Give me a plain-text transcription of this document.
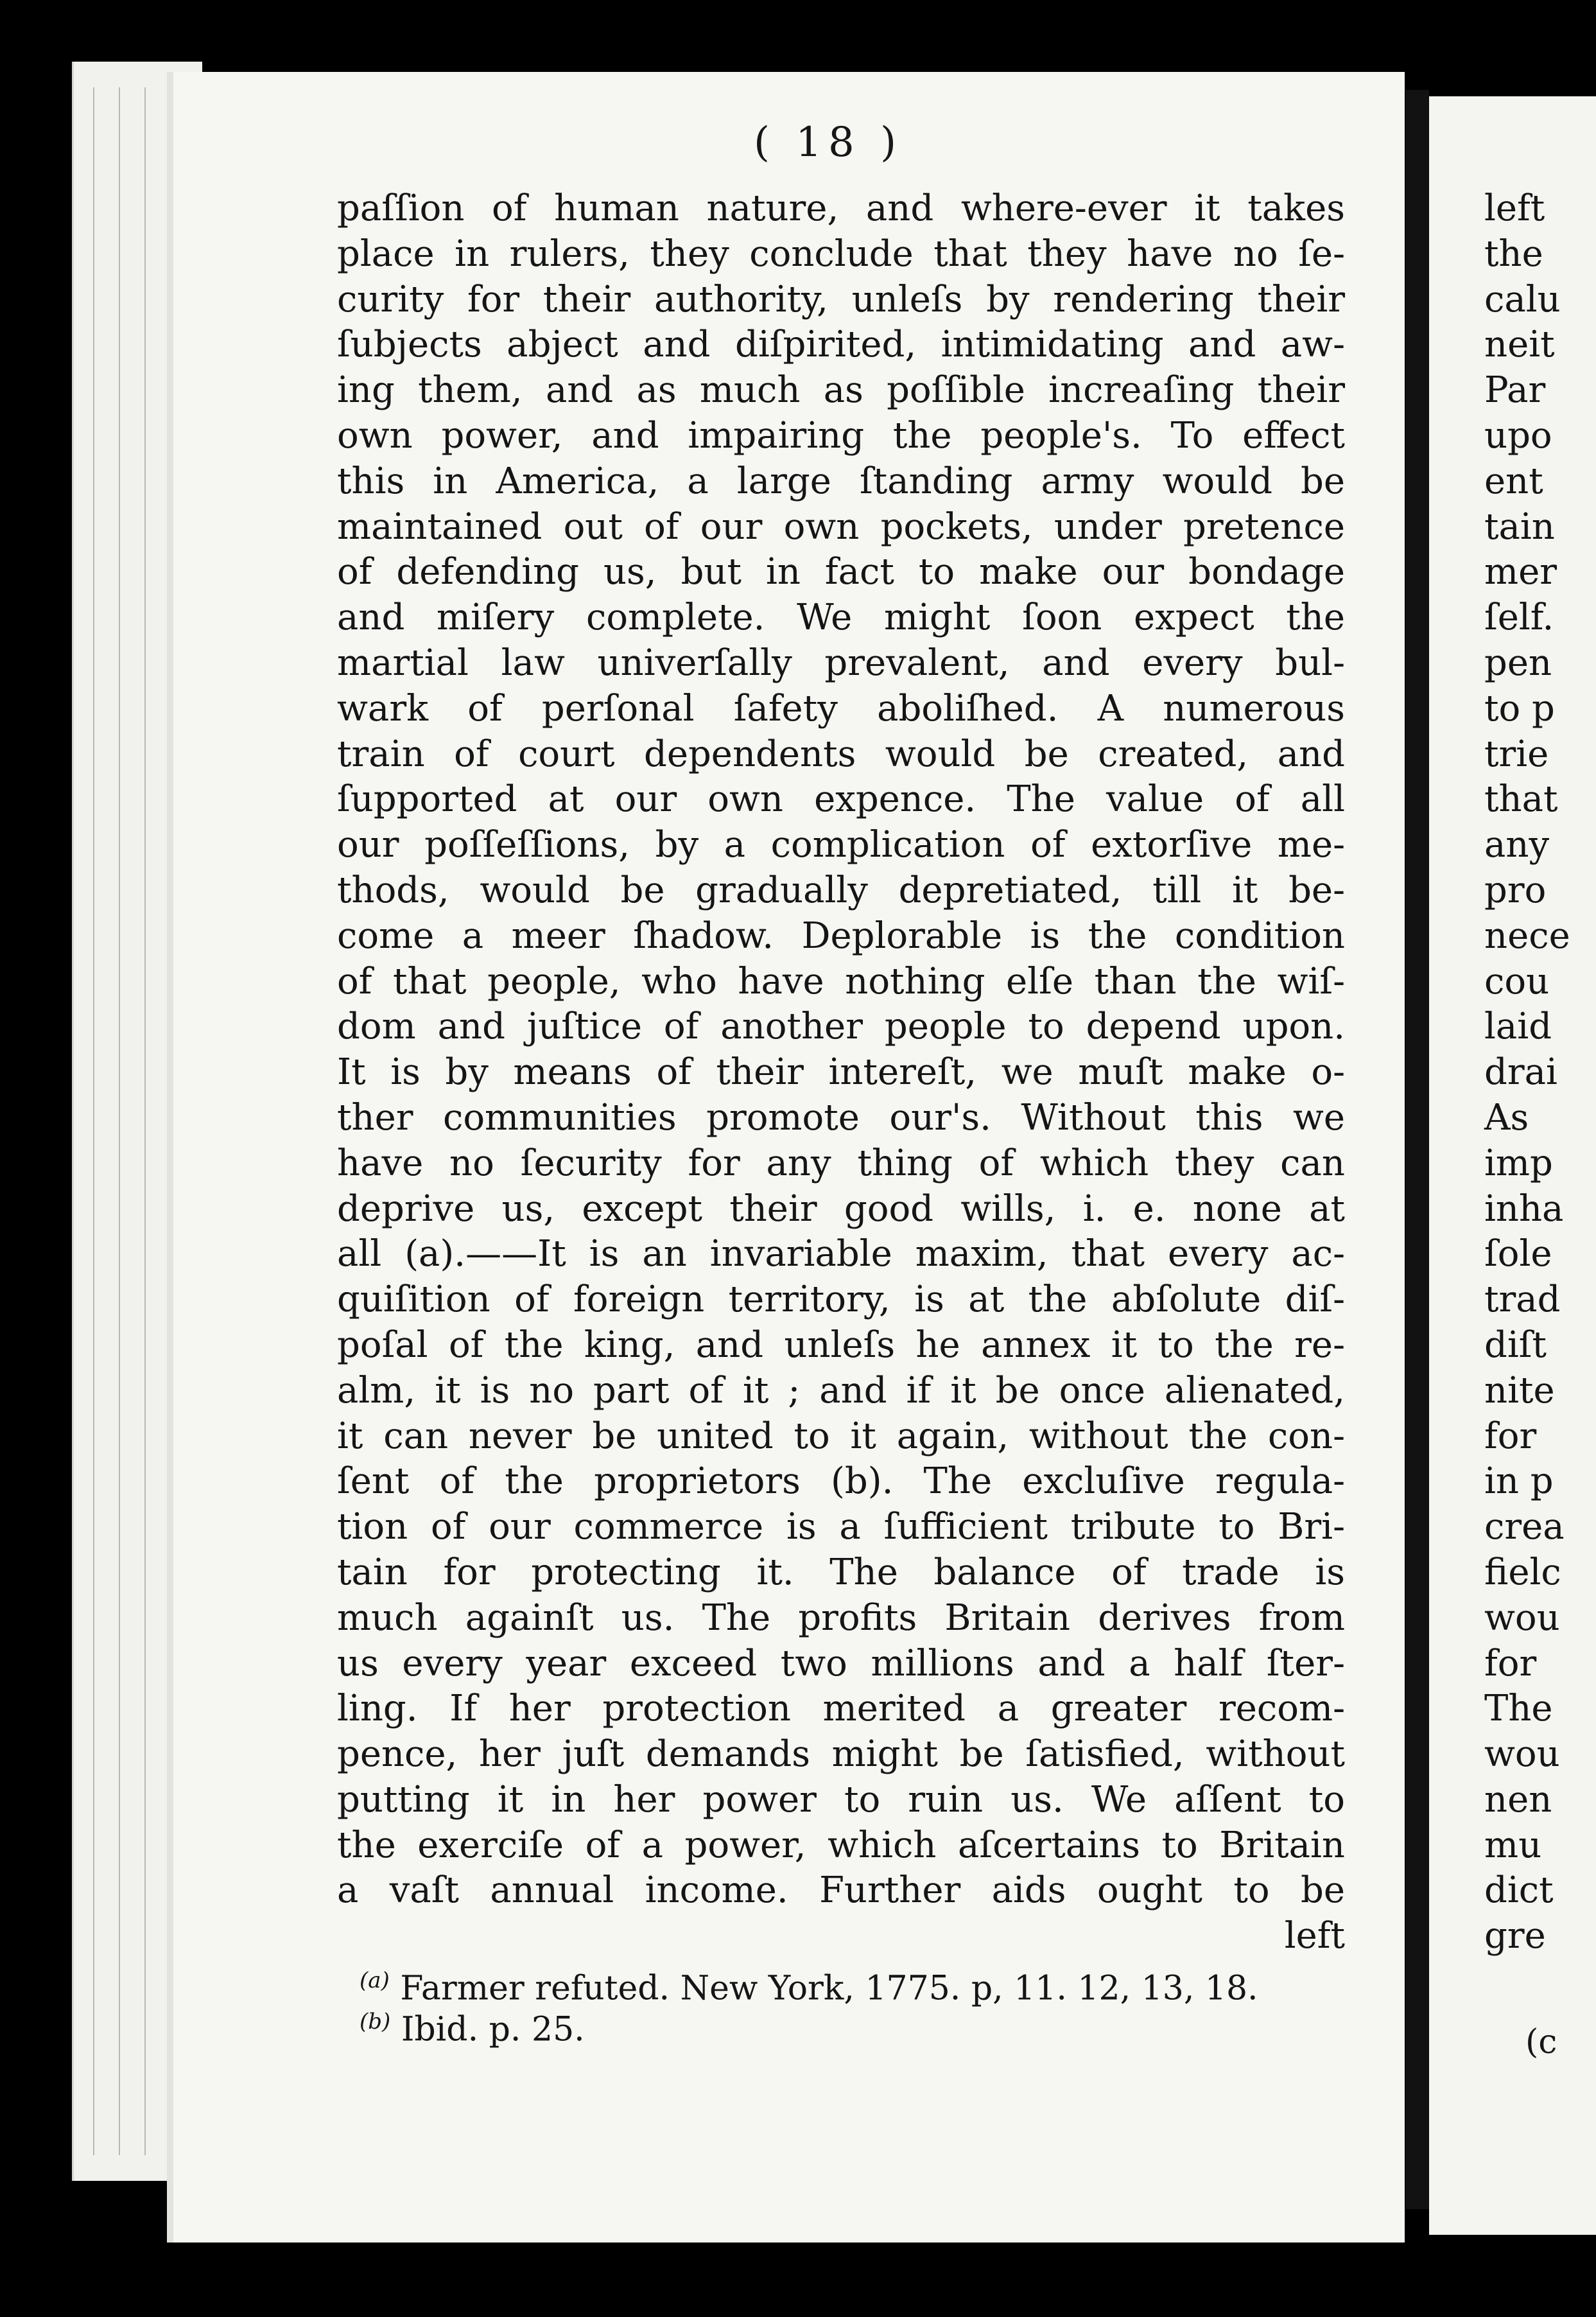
( 18 )
paſſion of human nature, and where-ever it takes
place in rulers, they conclude that they have no ſe-
curity for their authority, unleſs by rendering their
ſubjects abject and diſpirited, intimidating and aw-
ing them, and as much as poſſible increaſing their
own power, and impairing the people's. To effect
this in America, a large ſtanding army would be
maintained out of our own pockets, under pretence
of defending us, but in fact to make our bondage
and miſery complete. We might ſoon expect the
martial law univerſally prevalent, and every bul-
wark of perſonal ſafety aboliſhed. A numerous
train of court dependents would be created, and
ſupported at our own expence. The value of all
our poſſeſſions, by a complication of extorſive me-
thods, would be gradually depretiated, till it be-
come a meer ſhadow. Deplorable is the condition
of that people, who have nothing elſe than the wiſ-
dom and juſtice of another people to depend upon.
It is by means of their intereſt, we muſt make o-
ther communities promote our's. Without this we
have no ſecurity for any thing of which they can
deprive us, except their good wills, i. e. none at
all (a).——It is an invariable maxim, that every ac-
quiſition of foreign territory, is at the abſolute diſ-
poſal of the king, and unleſs he annex it to the re-
alm, it is no part of it ; and if it be once alienated,
it can never be united to it again, without the con-
ſent of the proprietors (b). The excluſive regula-
tion of our commerce is a ſufficient tribute to Bri-
tain for protecting it. The balance of trade is
much againſt us. The profits Britain derives from
us every year exceed two millions and a half ſter-
ling. If her protection merited a greater recom-
pence, her juſt demands might be ſatisfied, without
putting it in her power to ruin us. We aſſent to
the exerciſe of a power, which aſcertains to Britain
a vaſt annual income. Further aids ought to be
left
$^{(a)}$ Farmer refuted. New York, 1775. p, 11. 12, 13, 18.
$^{(b)}$ Ibid. p. 25.
left
the
calu
neit
Par
upo
ent
tain
mer
ſelf.
pen
to p
trie
that
any
pro
nece
cou
laid
drai
As
imp
inha
ſole
trad
diſt
nite
for
in p
crea
fielc
wou
for
The
wou
nen
mu
dict
gre
(c
